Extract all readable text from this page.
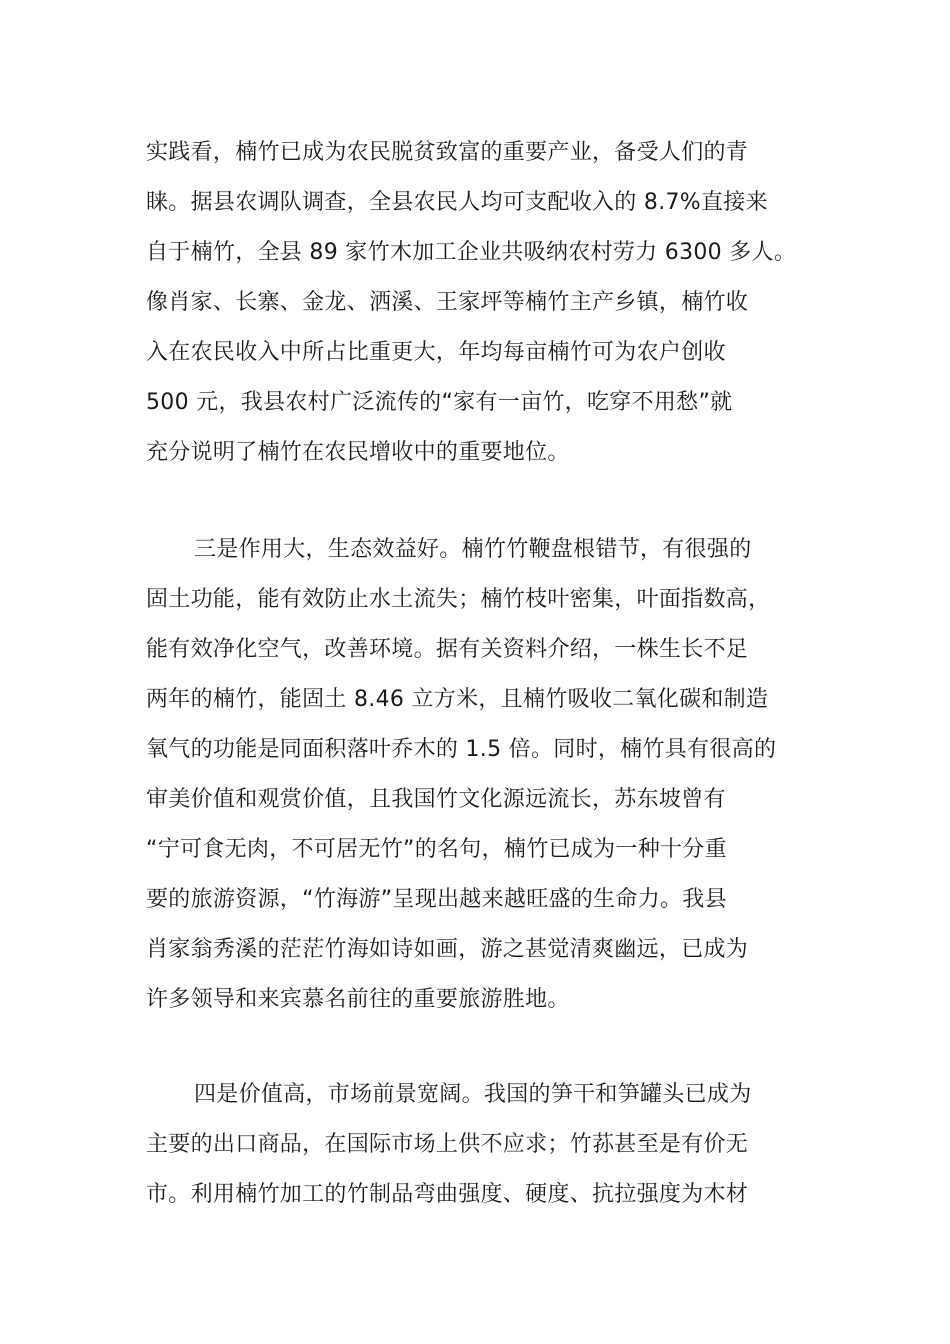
实践看，楠竹已成为农民脱贫致富的重要产业，备受人们的青
睐。据县农调队调查，全县农民人均可支配收入的 8.7%直接来
自于楠竹，全县 89 家竹木加工企业共吸纳农村劳力 6300 多人。
像肖家、长寨、金龙、洒溪、王家坪等楠竹主产乡镇，楠竹收
入在农民收入中所占比重更大，年均每亩楠竹可为农户创收
500 元，我县农村广泛流传的“家有一亩竹，吃穿不用愁”就
充分说明了楠竹在农民增收中的重要地位。
三是作用大，生态效益好。楠竹竹鞭盘根错节，有很强的
固土功能，能有效防止水土流失；楠竹枝叶密集，叶面指数高，
能有效净化空气，改善环境。据有关资料介绍，一株生长不足
两年的楠竹，能固土 8.46 立方米，且楠竹吸收二氧化碳和制造
氧气的功能是同面积落叶乔木的 1.5 倍。同时，楠竹具有很高的
审美价值和观赏价值，且我国竹文化源远流长，苏东坡曾有
“宁可食无肉，不可居无竹”的名句，楠竹已成为一种十分重
要的旅游资源，“竹海游”呈现出越来越旺盛的生命力。我县
肖家翁秀溪的茫茫竹海如诗如画，游之甚觉清爽幽远，已成为
许多领导和来宾慕名前往的重要旅游胜地。
四是价值高，市场前景宽阔。我国的笋干和笋罐头已成为
主要的出口商品，在国际市场上供不应求；竹荪甚至是有价无
市。利用楠竹加工的竹制品弯曲强度、硬度、抗拉强度为木材
